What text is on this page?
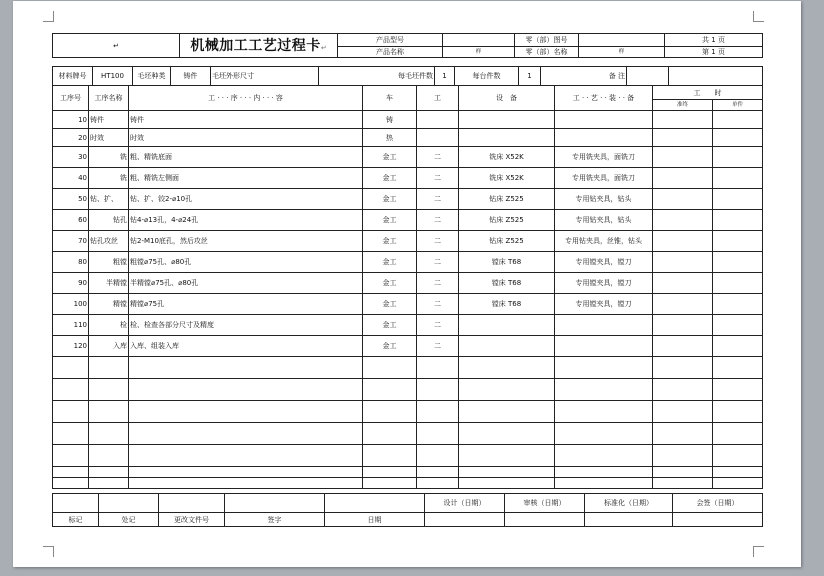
↵	机械加工工艺过程卡↵	产品型号		零（部）图号		共 1 页
		产品名称	样	零（部）名称	样	第 1 页
材料牌号	HT100	毛坯种类	铸件	毛坯外形尺寸	每毛坯件数	1	每台件数	1	备 注		
工序号	工序名称	工 · · · 序 · · · 内 · · · 容	车	工	设　备	工 · · 艺 · · 装 · · 备	工　　时	
							准终	单件
10	铸件	铸件	铸					
20	时效	时效	热					
30	铣	粗、精铣底面	金工	二	铣床 X52K	专用铣夹具，面铣刀		
40	铣	粗、精铣左侧面	金工	二	铣床 X52K	专用铣夹具，面铣刀		
50	钻、扩、	钻、扩、铰2-⌀10孔	金工	二	钻床 Z525	专用钻夹具，钻头		
60	钻孔	钻4-⌀13孔，4-⌀24孔	金工	二	钻床 Z525	专用钻夹具，钻头		
70	钻孔攻丝	钻2-M10底孔，然后攻丝	金工	二	钻床 Z525	专用钻夹具，丝锥，钻头		
80	粗镗	粗镗⌀75孔、⌀80孔	金工	二	镗床 T68	专用镗夹具，镗刀		
90	半精镗	半精镗⌀75孔、⌀80孔	金工	二	镗床 T68	专用镗夹具，镗刀		
100	精镗	精镗⌀75孔	金工	二	镗床 T68	专用镗夹具，镗刀		
110	检	检、检查各部分尺寸及精度	金工	二				
120	入库	入库、组装入库	金工	二				

					设计（日期）	审核（日期）	标准化（日期）	会签（日期）
标记	处记	更改文件号	签字	日期				
